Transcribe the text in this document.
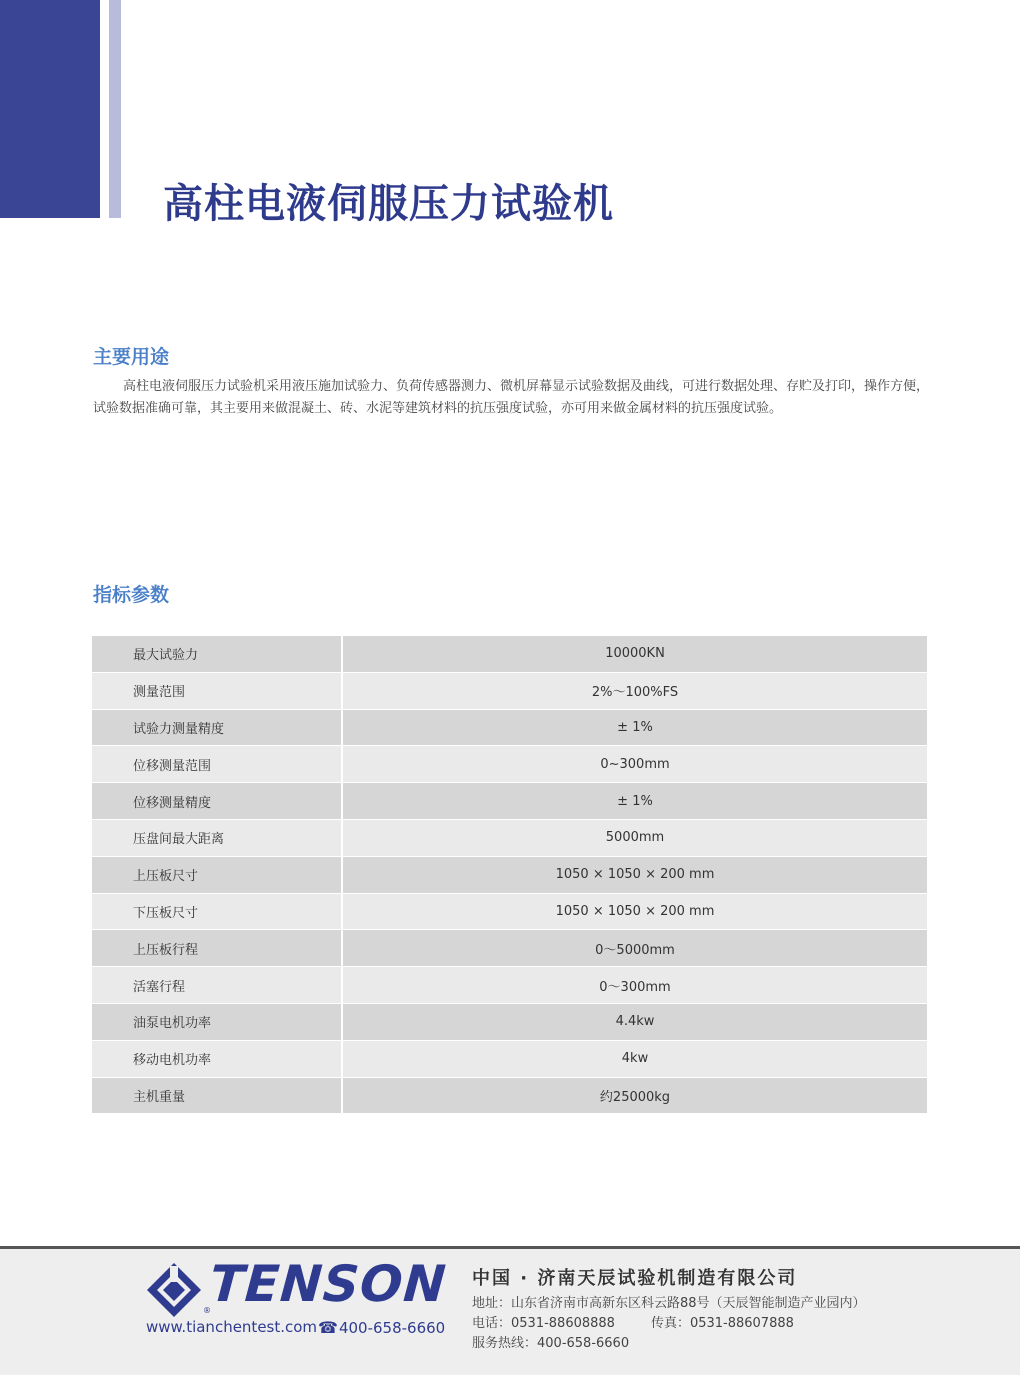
高柱电液伺服压力试验机
主要用途

高柱电液伺服压力试验机采用液压施加试验力、负荷传感器测力、微机屏幕显示试验数据及曲线，可进行数据处理、存贮及打印，操作方便，试验数据准确可靠，其主要用来做混凝土、砖、水泥等建筑材料的抗压强度试验，亦可用来做金属材料的抗压强度试验。

指标参数
最大试验力	10000KN
测量范围	2%～100%FS
试验力测量精度	± 1%
位移测量范围	0~300mm
位移测量精度	± 1%
压盘间最大距离	5000mm
上压板尺寸	1050 × 1050 × 200 mm
下压板尺寸	1050 × 1050 × 200 mm
上压板行程	0～5000mm
活塞行程	0～300mm
油泵电机功率	4.4kw
移动电机功率	4kw
主机重量	约25000kg
TENSON
®
www.tianchentest.com ☎400-658-6660
中国 · 济南天辰试验机制造有限公司
地址：山东省济南市高新东区科云路88号（天辰智能制造产业园内）
电话：0531-88608888	传真：0531-88607888
服务热线：400-658-6660
